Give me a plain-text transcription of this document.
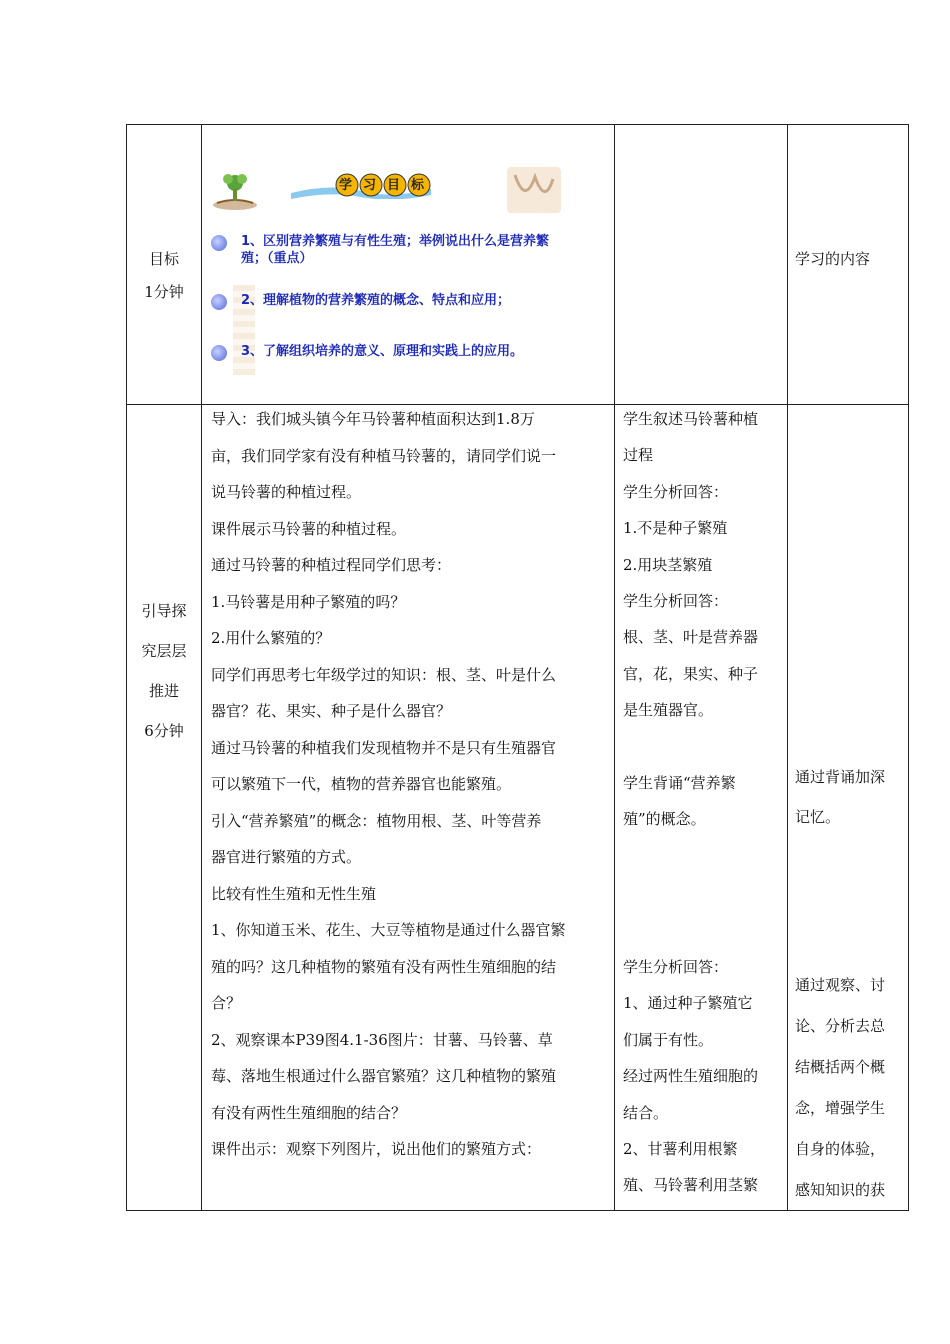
目标

1分钟

学习目标
1、区别营养繁殖与有性生殖；举例说出什么是营养繁殖；（重点）
2、理解植物的营养繁殖的概念、特点和应用；
3、了解组织培养的意义、原理和实践上的应用。

学习的内容

引导探

究层层

推进

6分钟

导入：我们城头镇今年马铃薯种植面积达到1.8万

亩，我们同学家有没有种植马铃薯的，请同学们说一

说马铃薯的种植过程。

课件展示马铃薯的种植过程。

通过马铃薯的种植过程同学们思考：

1.马铃薯是用种子繁殖的吗？

2.用什么繁殖的？

同学们再思考七年级学过的知识：根、茎、叶是什么

器官？花、果实、种子是什么器官？

通过马铃薯的种植我们发现植物并不是只有生殖器官

可以繁殖下一代，植物的营养器官也能繁殖。

引入“营养繁殖”的概念：植物用根、茎、叶等营养

器官进行繁殖的方式。

比较有性生殖和无性生殖

1、你知道玉米、花生、大豆等植物是通过什么器官繁

殖的吗？这几种植物的繁殖有没有两性生殖细胞的结

合？

2、观察课本P39图4.1-36图片：甘薯、马铃薯、草

莓、落地生根通过什么器官繁殖？这几种植物的繁殖

有没有两性生殖细胞的结合？

课件出示：观察下列图片，说出他们的繁殖方式：

学生叙述马铃薯种植

过程

学生分析回答：

1.不是种子繁殖

2.用块茎繁殖

学生分析回答：

根、茎、叶是营养器

官，花，果实、种子

是生殖器官。

学生背诵“营养繁

殖”的概念。

学生分析回答：

1、通过种子繁殖它

们属于有性。

经过两性生殖细胞的

结合。

2、甘薯利用根繁

殖、马铃薯利用茎繁

通过背诵加深

记忆。

通过观察、讨

论、分析去总

结概括两个概

念，增强学生

自身的体验，

感知知识的获
